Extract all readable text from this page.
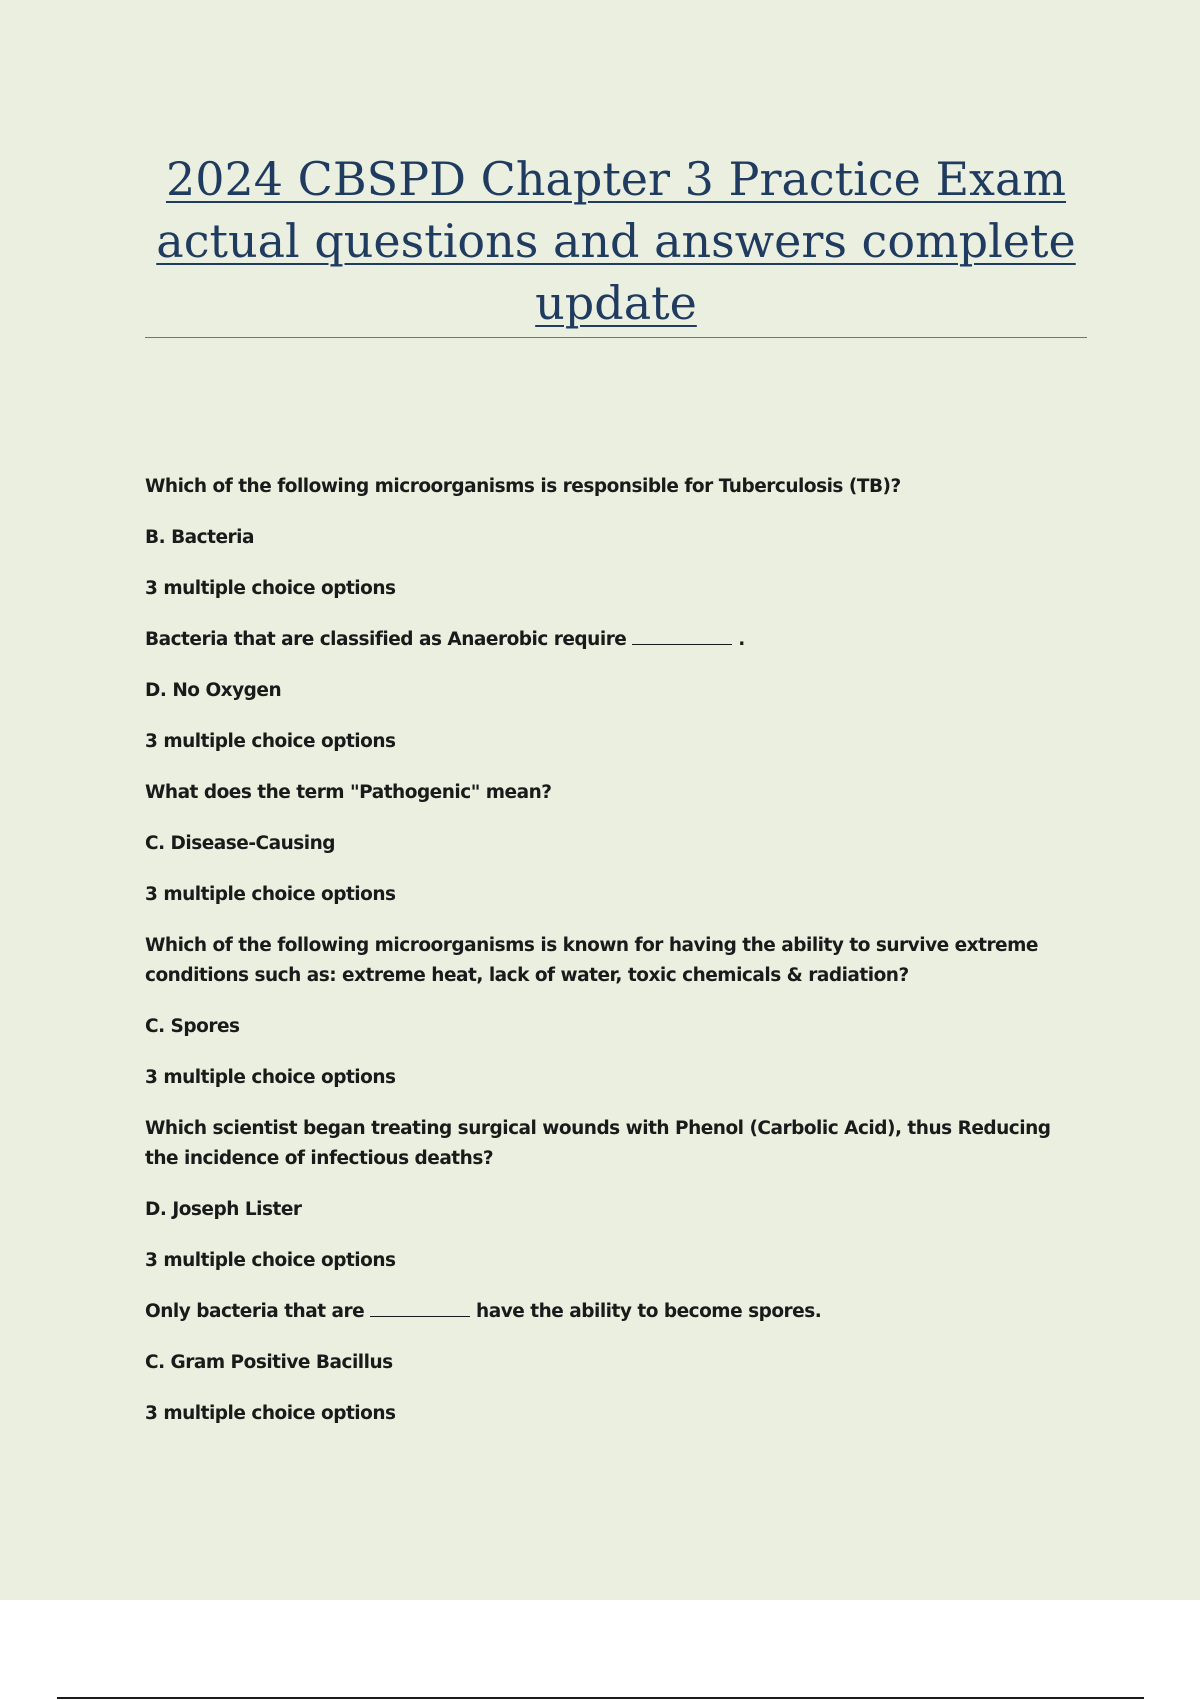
2024 CBSPD Chapter 3 Practice Exam
actual questions and answers complete
update

Which of the following microorganisms is responsible for Tuberculosis (TB)?

B. Bacteria

3 multiple choice options

Bacteria that are classified as Anaerobic require	.

D. No Oxygen

3 multiple choice options

What does the term "Pathogenic" mean?

C. Disease-Causing

3 multiple choice options

Which of the following microorganisms is known for having the ability to survive extreme conditions such as: extreme heat, lack of water, toxic chemicals & radiation?

C. Spores

3 multiple choice options

Which scientist began treating surgical wounds with Phenol (Carbolic Acid), thus Reducing the incidence of infectious deaths?

D. Joseph Lister

3 multiple choice options

Only bacteria that are	have the ability to become spores.

C. Gram Positive Bacillus

3 multiple choice options
